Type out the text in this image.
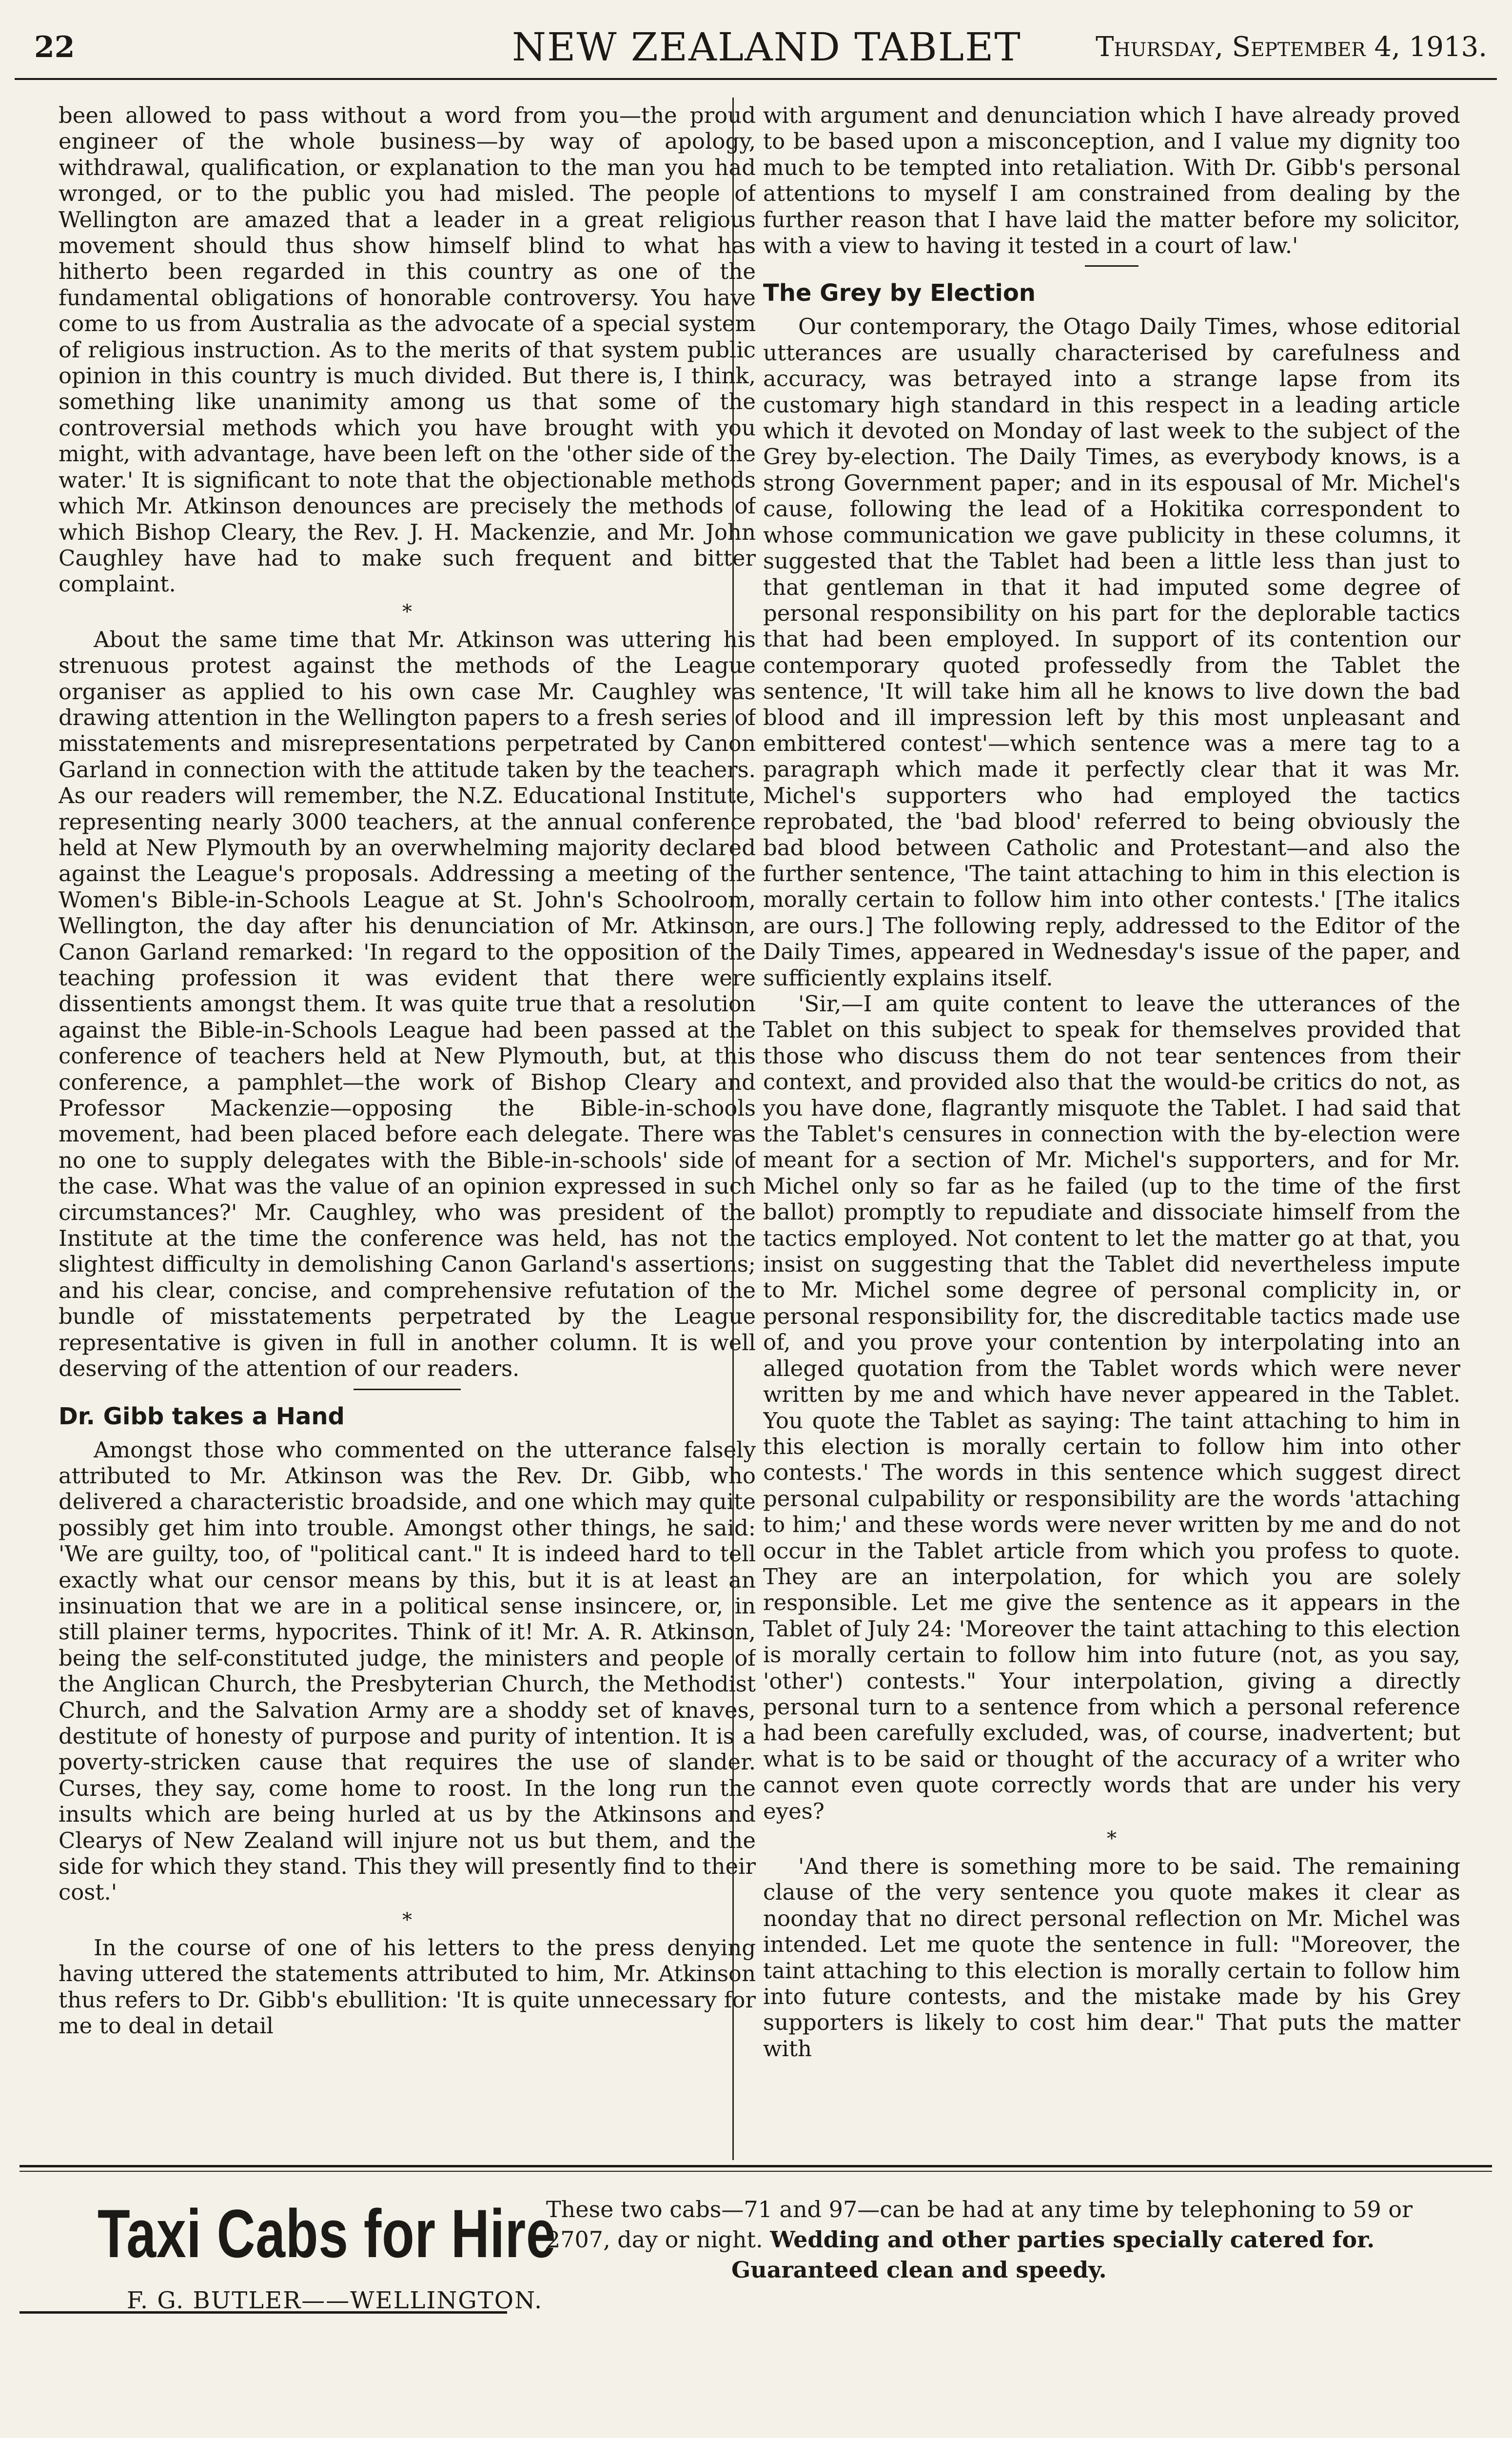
22	NEW ZEALAND TABLET	Thursday, September 4, 1913.

been allowed to pass without a word from you—the proud engineer of the whole business—by way of apology, withdrawal, qualification, or explanation to the man you had wronged, or to the public you had misled. The people of Wellington are amazed that a leader in a great religious movement should thus show himself blind to what has hitherto been regarded in this country as one of the fundamental obligations of honorable controversy. You have come to us from Australia as the advocate of a special system of religious instruction. As to the merits of that system public opinion in this country is much divided. But there is, I think, something like unanimity among us that some of the controversial methods which you have brought with you might, with advantage, have been left on the 'other side of the water.' It is significant to note that the objectionable methods which Mr. Atkinson denounces are precisely the methods of which Bishop Cleary, the Rev. J. H. Mackenzie, and Mr. John Caughley have had to make such frequent and bitter complaint.

*

About the same time that Mr. Atkinson was uttering his strenuous protest against the methods of the League organiser as applied to his own case Mr. Caughley was drawing attention in the Wellington papers to a fresh series of misstatements and misrepresentations perpetrated by Canon Garland in connection with the attitude taken by the teachers. As our readers will remember, the N.Z. Educational Institute, representing nearly 3000 teachers, at the annual conference held at New Plymouth by an overwhelming majority declared against the League's proposals. Addressing a meeting of the Women's Bible-in-Schools League at St. John's Schoolroom, Wellington, the day after his denunciation of Mr. Atkinson, Canon Garland remarked: 'In regard to the opposition of the teaching profession it was evident that there were dissentients amongst them. It was quite true that a resolution against the Bible-in-Schools League had been passed at the conference of teachers held at New Plymouth, but, at this conference, a pamphlet—the work of Bishop Cleary and Professor Mackenzie—opposing the Bible-in-schools movement, had been placed before each delegate. There was no one to supply delegates with the Bible-in-schools' side of the case. What was the value of an opinion expressed in such circumstances?' Mr. Caughley, who was president of the Institute at the time the conference was held, has not the slightest difficulty in demolishing Canon Garland's assertions; and his clear, concise, and comprehensive refutation of the bundle of misstatements perpetrated by the League representative is given in full in another column. It is well deserving of the attention of our readers.

Dr. Gibb takes a Hand

Amongst those who commented on the utterance falsely attributed to Mr. Atkinson was the Rev. Dr. Gibb, who delivered a characteristic broadside, and one which may quite possibly get him into trouble. Amongst other things, he said: 'We are guilty, too, of "political cant." It is indeed hard to tell exactly what our censor means by this, but it is at least an insinuation that we are in a political sense insincere, or, in still plainer terms, hypocrites. Think of it! Mr. A. R. Atkinson, being the self-constituted judge, the ministers and people of the Anglican Church, the Presbyterian Church, the Methodist Church, and the Salvation Army are a shoddy set of knaves, destitute of honesty of purpose and purity of intention. It is a poverty-stricken cause that requires the use of slander. Curses, they say, come home to roost. In the long run the insults which are being hurled at us by the Atkinsons and Clearys of New Zealand will injure not us but them, and the side for which they stand. This they will presently find to their cost.'

*

In the course of one of his letters to the press denying having uttered the statements attributed to him, Mr. Atkinson thus refers to Dr. Gibb's ebullition: 'It is quite unnecessary for me to deal in detail

with argument and denunciation which I have already proved to be based upon a misconception, and I value my dignity too much to be tempted into retaliation. With Dr. Gibb's personal attentions to myself I am constrained from dealing by the further reason that I have laid the matter before my solicitor, with a view to having it tested in a court of law.'

The Grey by Election

Our contemporary, the Otago Daily Times, whose editorial utterances are usually characterised by carefulness and accuracy, was betrayed into a strange lapse from its customary high standard in this respect in a leading article which it devoted on Monday of last week to the subject of the Grey by-election. The Daily Times, as everybody knows, is a strong Government paper; and in its espousal of Mr. Michel's cause, following the lead of a Hokitika correspondent to whose communication we gave publicity in these columns, it suggested that the Tablet had been a little less than just to that gentleman in that it had imputed some degree of personal responsibility on his part for the deplorable tactics that had been employed. In support of its contention our contemporary quoted professedly from the Tablet the sentence, 'It will take him all he knows to live down the bad blood and ill impression left by this most unpleasant and embittered contest'—which sentence was a mere tag to a paragraph which made it perfectly clear that it was Mr. Michel's supporters who had employed the tactics reprobated, the 'bad blood' referred to being obviously the bad blood between Catholic and Protestant—and also the further sentence, 'The taint attaching to him in this election is morally certain to follow him into other contests.' [The italics are ours.] The following reply, addressed to the Editor of the Daily Times, appeared in Wednesday's issue of the paper, and sufficiently explains itself.

'Sir,—I am quite content to leave the utterances of the Tablet on this subject to speak for themselves provided that those who discuss them do not tear sentences from their context, and provided also that the would-be critics do not, as you have done, flagrantly misquote the Tablet. I had said that the Tablet's censures in connection with the by-election were meant for a section of Mr. Michel's supporters, and for Mr. Michel only so far as he failed (up to the time of the first ballot) promptly to repudiate and dissociate himself from the tactics employed. Not content to let the matter go at that, you insist on suggesting that the Tablet did nevertheless impute to Mr. Michel some degree of personal complicity in, or personal responsibility for, the discreditable tactics made use of, and you prove your contention by interpolating into an alleged quotation from the Tablet words which were never written by me and which have never appeared in the Tablet. You quote the Tablet as saying: The taint attaching to him in this election is morally certain to follow him into other contests.' The words in this sentence which suggest direct personal culpability or responsibility are the words 'attaching to him;' and these words were never written by me and do not occur in the Tablet article from which you profess to quote. They are an interpolation, for which you are solely responsible. Let me give the sentence as it appears in the Tablet of July 24: 'Moreover the taint attaching to this election is morally certain to follow him into future (not, as you say, 'other') contests." Your interpolation, giving a directly personal turn to a sentence from which a personal reference had been carefully excluded, was, of course, inadvertent; but what is to be said or thought of the accuracy of a writer who cannot even quote correctly words that are under his very eyes?

*

'And there is something more to be said. The remaining clause of the very sentence you quote makes it clear as noonday that no direct personal reflection on Mr. Michel was intended. Let me quote the sentence in full: "Moreover, the taint attaching to this election is morally certain to follow him into future contests, and the mistake made by his Grey supporters is likely to cost him dear." That puts the matter with

Taxi Cabs for Hire
F. G. BUTLER——WELLINGTON.
These two cabs—71 and 97—can be had at any time by telephoning to 59 or 2707, day or night. Wedding and other parties specially catered for.
Guaranteed clean and speedy.
